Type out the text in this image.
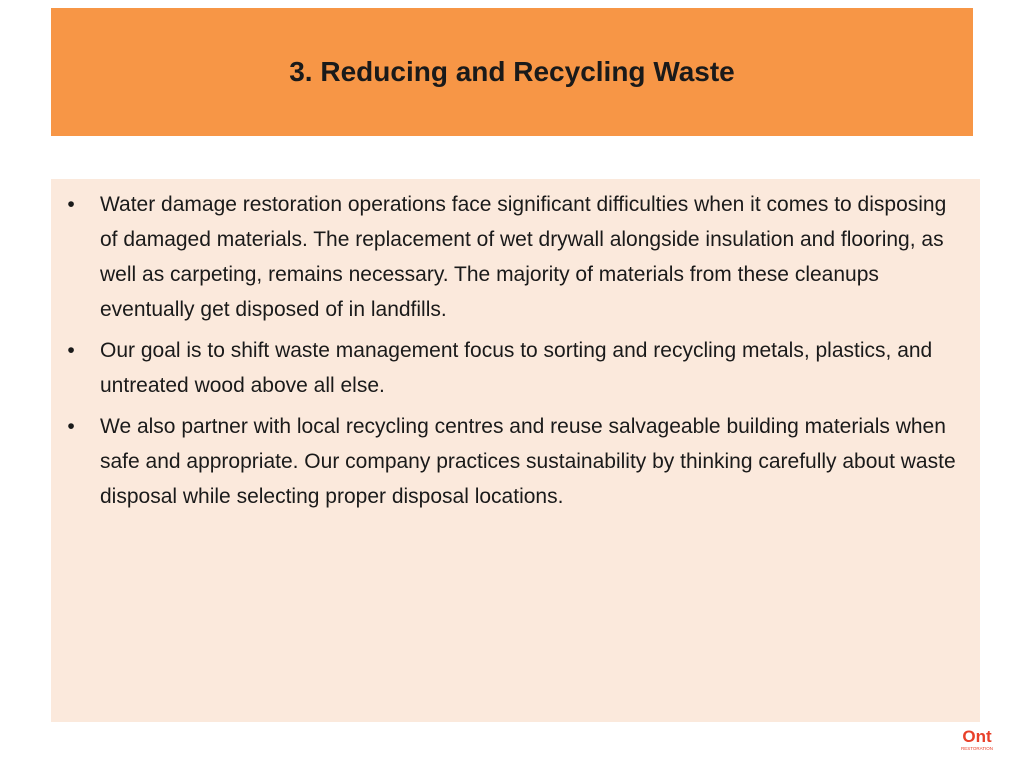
3. Reducing and Recycling Waste
•	Water damage restoration operations face significant difficulties when it comes to disposing of damaged materials. The replacement of wet drywall alongside insulation and flooring, as well as carpeting, remains necessary. The majority of materials from these cleanups eventually get disposed of in landfills.
•	Our goal is to shift waste management focus to sorting and recycling metals, plastics, and untreated wood above all else.
•	We also partner with local recycling centres and reuse salvageable building materials when safe and appropriate. Our company practices sustainability by thinking carefully about waste disposal while selecting proper disposal locations.
Ont
RESTORATION
